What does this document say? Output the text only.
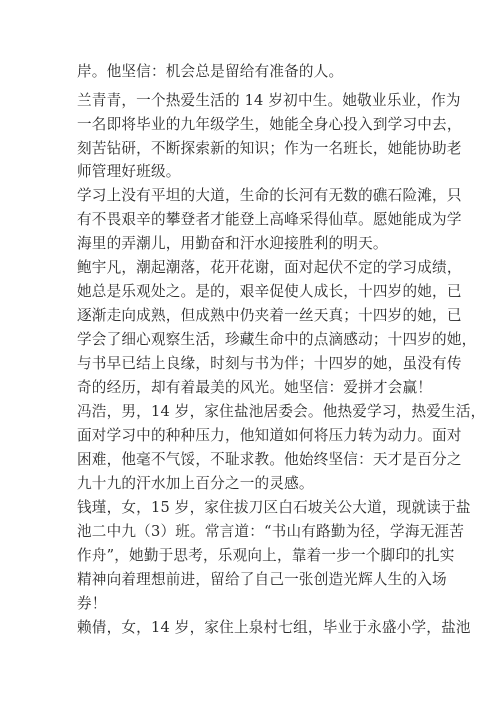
岸。他坚信：机会总是留给有准备的人。
兰青青，一个热爱生活的 14 岁初中生。她敬业乐业，作为
一名即将毕业的九年级学生，她能全身心投入到学习中去，
刻苦钻研，不断探索新的知识；作为一名班长，她能协助老
师管理好班级。
学习上没有平坦的大道，生命的长河有无数的礁石险滩，只
有不畏艰辛的攀登者才能登上高峰采得仙草。愿她能成为学
海里的弄潮儿，用勤奋和汗水迎接胜利的明天。
鲍宇凡，潮起潮落，花开花谢，面对起伏不定的学习成绩，
她总是乐观处之。是的，艰辛促使人成长，十四岁的她，已
逐渐走向成熟，但成熟中仍夹着一丝天真；十四岁的她，已
学会了细心观察生活，珍藏生命中的点滴感动；十四岁的她，
与书早已结上良缘，时刻与书为伴；十四岁的她，虽没有传
奇的经历，却有着最美的风光。她坚信：爱拼才会赢！
冯浩，男，14 岁，家住盐池居委会。他热爱学习，热爱生活，
面对学习中的种种压力，他知道如何将压力转为动力。面对
困难，他毫不气馁，不耻求教。他始终坚信：天才是百分之
九十九的汗水加上百分之一的灵感。
钱瑾，女，15 岁，家住拔刀区白石坡关公大道，现就读于盐
池二中九（3）班。常言道：“书山有路勤为径，学海无涯苦
作舟”，她勤于思考，乐观向上，靠着一步一个脚印的扎实
精神向着理想前进，留给了自己一张创造光辉人生的入场
券！
赖倩，女，14 岁，家住上泉村七组，毕业于永盛小学，盐池
